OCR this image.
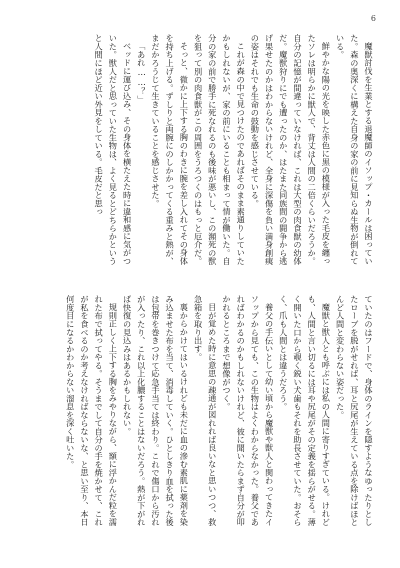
6

魔獣討伐を生業とする退魔師のイソップ・カールは困っていた。森の奥深くに構えた自身の家の前に見知らぬ生物が倒れている。

鮮やかな陽の光を映した赤色に黒の模様が入った毛皮を纏ったソレは明らかに獣人で、背丈は人間の二倍くらいだろうか。自分の記憶が間違っていなければ、これは大型の肉食獣の幼体だ。魔獣狩りにでも遭ったのか、はたまた同族間の闘争から逃げ果せたのかはわからないけれど、全身に深傷を負い満身創痍の姿はそれでも生命の鼓動を感じさせている。

これが森の中で見つけたのであればそのまま素通りしていたかもしれないが、家の前にいることも相まって情が働いた。自分の家の前で勝手に死なれるのも後味が悪いし、この瀕死の獣を狙って別の肉食獣がこの周囲をうろつくのはもっと厄介だ。

そっと、微かに上下する胸のわきに腕を差し入れてその身体を持ち上げる。ずしりと両腕にのしかかってくる重みと熱が、まだかろうじて生きていることを感じさせた。

「あれ……？」

ベッドに運び込み、その身体を横たえた時に違和感に気がついた。獣人だと思っていた生物は、よく見るとどちらかというと人間にほど近い外見をしている。毛皮だと思っ

ていたのはフードで、身体のラインを隠すようなゆったりとしたローブを脱がせれば、耳と尻尾が生えている点を除けばほとんど人間と変わらない姿だった。

魔獣と獣人とも呼ぶには私の人間に寄りすぎている。けれども、人間と言い切るには耳や尻尾がその定義を揺らがせる。薄く開いた口から覗く鋭い犬歯もそれを助長させていた。おそらく、爪も人間とは違うだろう。

養父の手伝いとして幼い頃から魔獣や獣人と関わってきたイソップから見ても、この生物はよくわからなかった。養父であればわかるのかもしれないけれど、彼に聞いたらまず自分が叩かれるところまで想像がつく。

目が覚めた時に意思の疎通が図れれば良いなと思いつつ、救急箱を取り出す。

裏からかけてはいるけれども未だに血の滲む素肌に薬剤を染み込ませた布を当て、消毒していく。ひとしきり血を拭った後は包帯を巻きつけて応急手当ては終わり。これで傷口から汚れが入ったり、これ以上化膿することはないだろう。熱が下がれば快復の見込みはあるかもしれない。

規則正しく上下する胸をみやりながら、額に浮かんだ粒を濡れた布で拭ってやる。そうまでして自分の手を焼かせて、これが私を食べるのか考えなければならないな、と思い至り、本日何度目になるかわからない溜息を深く吐いた。
